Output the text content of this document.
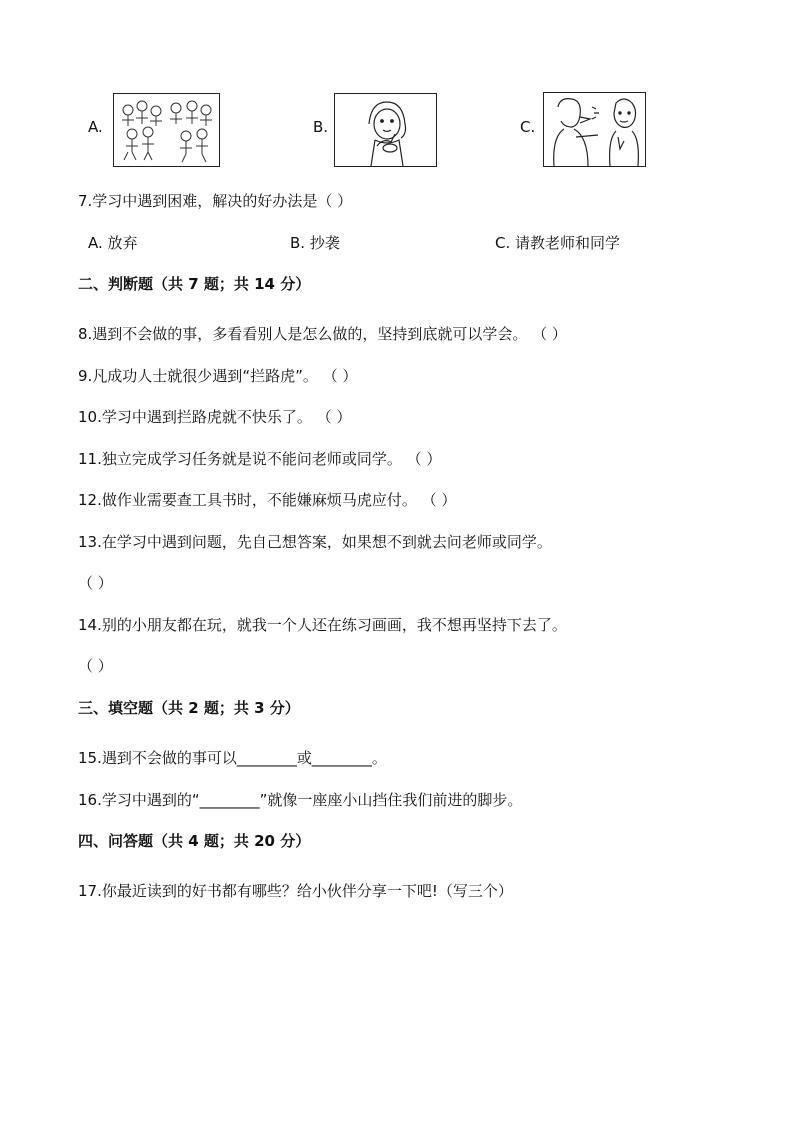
A.	B.	C.
7.学习中遇到困难，解决的好办法是（ ）
A. 放弃	B. 抄袭	C. 请教老师和同学
二、判断题（共 7 题；共 14 分）
8.遇到不会做的事，多看看别人是怎么做的，坚持到底就可以学会。 （ ）
9.凡成功人士就很少遇到“拦路虎”。 （ ）
10.学习中遇到拦路虎就不快乐了。 （ ）
11.独立完成学习任务就是说不能问老师或同学。 （ ）
12.做作业需要查工具书时，不能嫌麻烦马虎应付。 （ ）
13.在学习中遇到问题，先自己想答案，如果想不到就去问老师或同学。
（ ）
14.别的小朋友都在玩，就我一个人还在练习画画，我不想再坚持下去了。
（ ）
三、填空题（共 2 题；共 3 分）
15.遇到不会做的事可以________或________。
16.学习中遇到的“________”就像一座座小山挡住我们前进的脚步。
四、问答题（共 4 题；共 20 分）
17.你最近读到的好书都有哪些？给小伙伴分享一下吧!（写三个）
